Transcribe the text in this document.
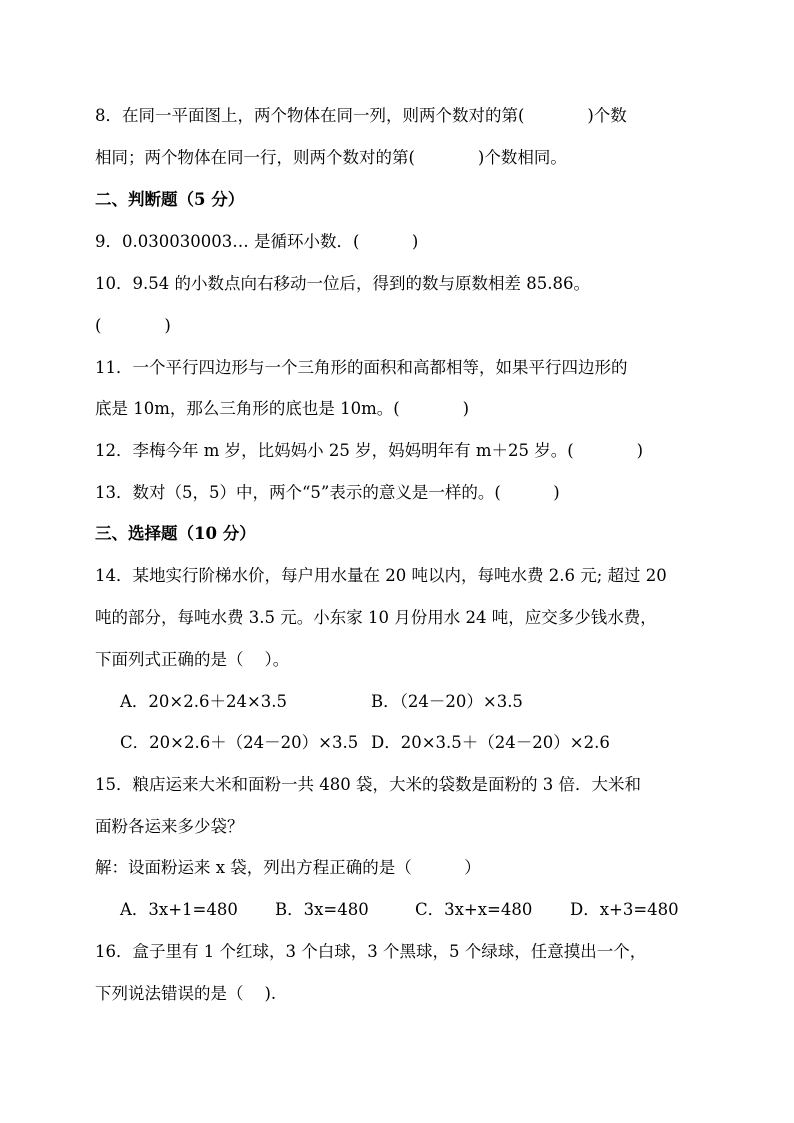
8．在同一平面图上，两个物体在同一列，则两个数对的第(            )个数
相同；两个物体在同一行，则两个数对的第(            )个数相同。
二、判断题（5 分）
9．0.030030003… 是循环小数．(          )
10．9.54 的小数点向右移动一位后，得到的数与原数相差 85.86。
(            )
11．一个平行四边形与一个三角形的面积和高都相等，如果平行四边形的
底是 10m，那么三角形的底也是 10m。(            )
12．李梅今年 m 岁，比妈妈小 25 岁，妈妈明年有 m＋25 岁。(            )
13．数对（5，5）中，两个“5”表示的意义是一样的。(          )
三、选择题（10 分）
14．某地实行阶梯水价，每户用水量在 20 吨以内，每吨水费 2.6 元; 超过 20
吨的部分，每吨水费 3.5 元。小东家 10 月份用水 24 吨，应交多少钱水费，
下面列式正确的是（    ）。
A．20×2.6＋24×3.5	B．（24－20）×3.5
C．20×2.6＋（24－20）×3.5 D．20×3.5＋（24－20）×2.6
15．粮店运来大米和面粉一共 480 袋，大米的袋数是面粉的 3 倍．大米和
面粉各运来多少袋？
解：设面粉运来 x 袋，列出方程正确的是（          ）
A．3x+1=480 B．3x=480	C．3x+x=480 D．x+3=480
16．盒子里有 1 个红球，3 个白球，3 个黑球，5 个绿球，任意摸出一个，
下列说法错误的是（    ).
